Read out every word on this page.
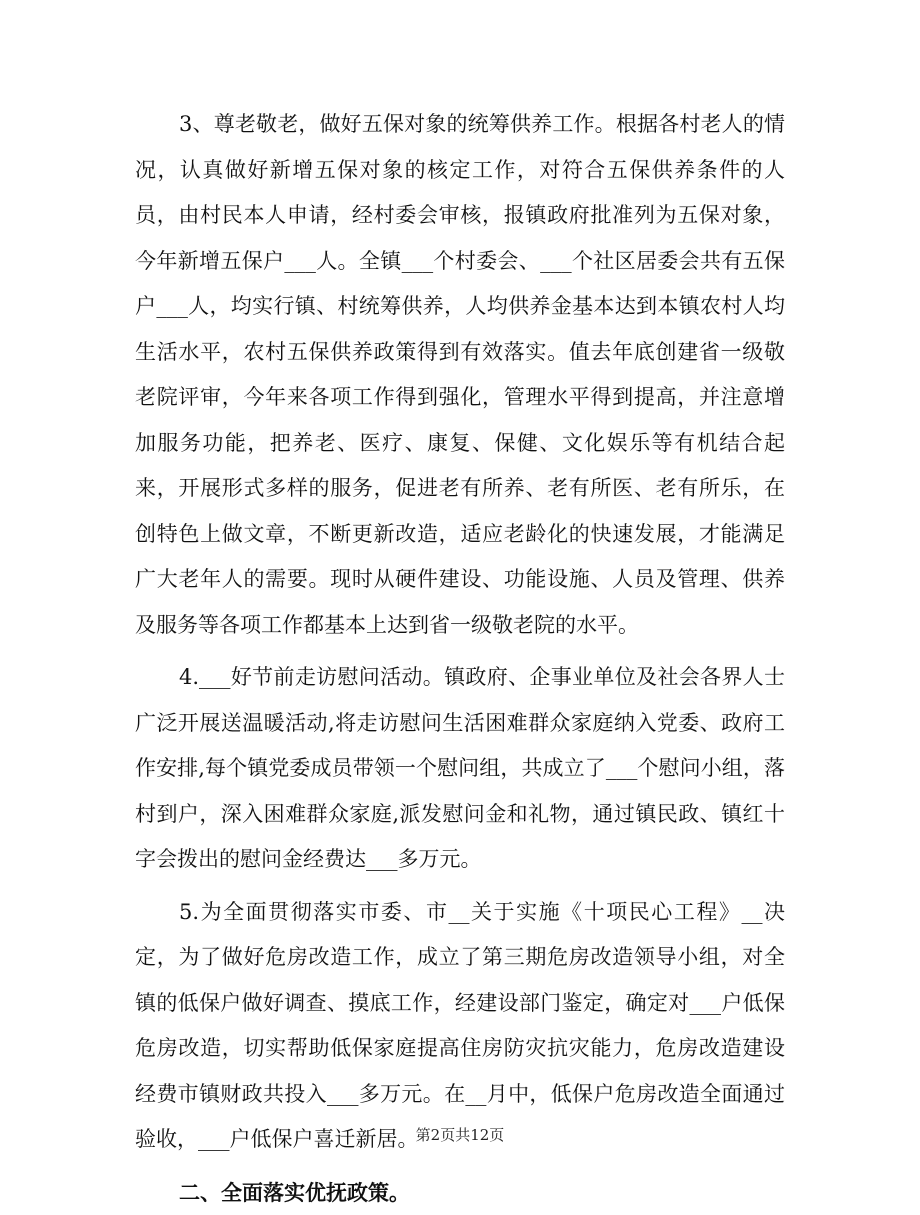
3、尊老敬老，做好五保对象的统筹供养工作。根据各村老人的情况，认真做好新增五保对象的核定工作，对符合五保供养条件的人员，由村民本人申请，经村委会审核，报镇政府批准列为五保对象，今年新增五保户___人。全镇___个村委会、___个社区居委会共有五保户___人，均实行镇、村统筹供养，人均供养金基本达到本镇农村人均生活水平，农村五保供养政策得到有效落实。值去年底创建省一级敬老院评审，今年来各项工作得到强化，管理水平得到提高，并注意增加服务功能，把养老、医疗、康复、保健、文化娱乐等有机结合起来，开展形式多样的服务，促进老有所养、老有所医、老有所乐，在创特色上做文章，不断更新改造，适应老龄化的快速发展，才能满足广大老年人的需要。现时从硬件建设、功能设施、人员及管理、供养及服务等各项工作都基本上达到省一级敬老院的水平。

4.___好节前走访慰问活动。镇政府、企事业单位及社会各界人士广泛开展送温暖活动,将走访慰问生活困难群众家庭纳入党委、政府工作安排,每个镇党委成员带领一个慰问组，共成立了___个慰问小组，落村到户，深入困难群众家庭,派发慰问金和礼物，通过镇民政、镇红十字会拨出的慰问金经费达___多万元。

5.为全面贯彻落实市委、市__关于实施《十项民心工程》__决定，为了做好危房改造工作，成立了第三期危房改造领导小组，对全镇的低保户做好调查、摸底工作，经建设部门鉴定，确定对___户低保危房改造，切实帮助低保家庭提高住房防灾抗灾能力，危房改造建设经费市镇财政共投入___多万元。在__月中，低保户危房改造全面通过验收，___户低保户喜迁新居。

二、全面落实优抚政策。

第2页共12页
